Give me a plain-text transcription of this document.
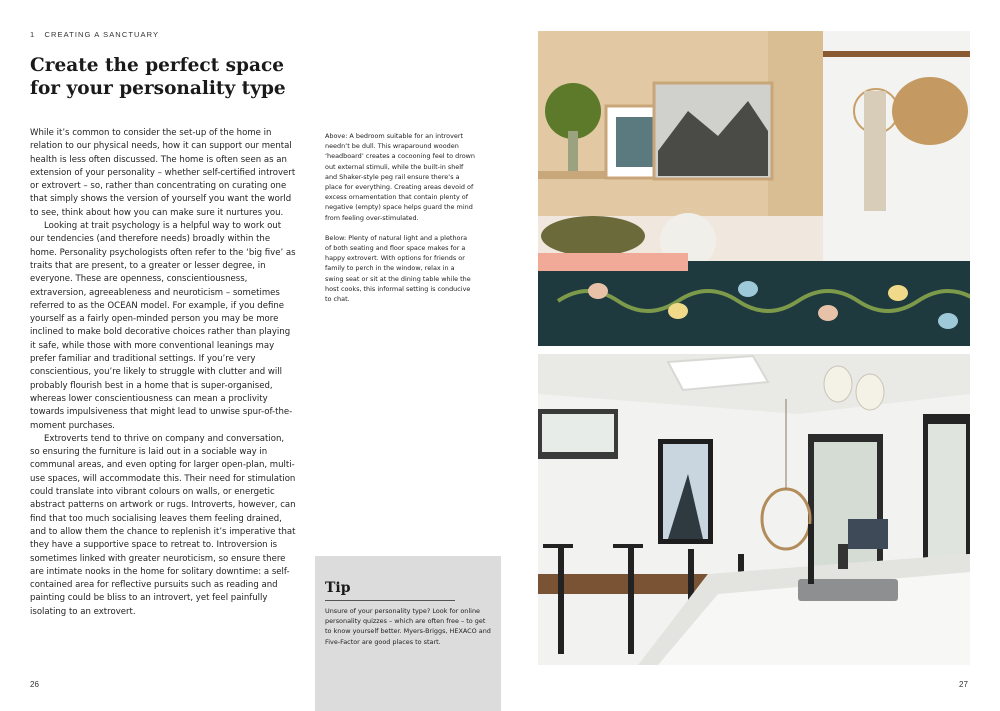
1 CREATING A SANCTUARY
Create the perfect space for your personality type

While it’s common to consider the set-up of the home in relation to our physical needs, how it can support our mental health is less often discussed. The home is often seen as an extension of your personality – whether self-certified introvert or extrovert – so, rather than concentrating on curating one that simply shows the version of yourself you want the world to see, think about how you can make sure it nurtures you.

Looking at trait psychology is a helpful way to work out our tendencies (and therefore needs) broadly within the home. Personality psychologists often refer to the ‘big five’ as traits that are present, to a greater or lesser degree, in everyone. These are openness, conscientiousness, extraversion, agreeableness and neuroticism – sometimes referred to as the OCEAN model. For example, if you define yourself as a fairly open-minded person you may be more inclined to make bold decorative choices rather than playing it safe, while those with more conventional leanings may prefer familiar and traditional settings. If you’re very conscientious, you’re likely to struggle with clutter and will probably flourish best in a home that is super-organised, whereas lower conscientiousness can mean a proclivity towards impulsiveness that might lead to unwise spur-of-the-moment purchases.

Extroverts tend to thrive on company and conversation, so ensuring the furniture is laid out in a sociable way in communal areas, and even opting for larger open-plan, multi-use spaces, will accommodate this. Their need for stimulation could translate into vibrant colours on walls, or energetic abstract patterns on artwork or rugs. Introverts, however, can find that too much socialising leaves them feeling drained, and to allow them the chance to replenish it’s imperative that they have a supportive space to retreat to. Introversion is sometimes linked with greater neuroticism, so ensure there are intimate nooks in the home for solitary downtime: a self-contained area for reflective pursuits such as reading and painting could be bliss to an introvert, yet feel painfully isolating to an extrovert.

Above: A bedroom suitable for an introvert needn’t be dull. This wraparound wooden ‘headboard’ creates a cocooning feel to drown out external stimuli, while the built-in shelf and Shaker-style peg rail ensure there’s a place for everything. Creating areas devoid of excess ornamentation that contain plenty of negative (empty) space helps guard the mind from feeling over-stimulated.

Below: Plenty of natural light and a plethora of both seating and floor space makes for a happy extrovert. With options for friends or family to perch in the window, relax in a swing seat or sit at the dining table while the host cooks, this informal setting is conducive to chat.

Tip
Unsure of your personality type? Look for online personality quizzes – which are often free – to get to know yourself better. Myers-Briggs, HEXACO and Five-Factor are good places to start.
26	27
